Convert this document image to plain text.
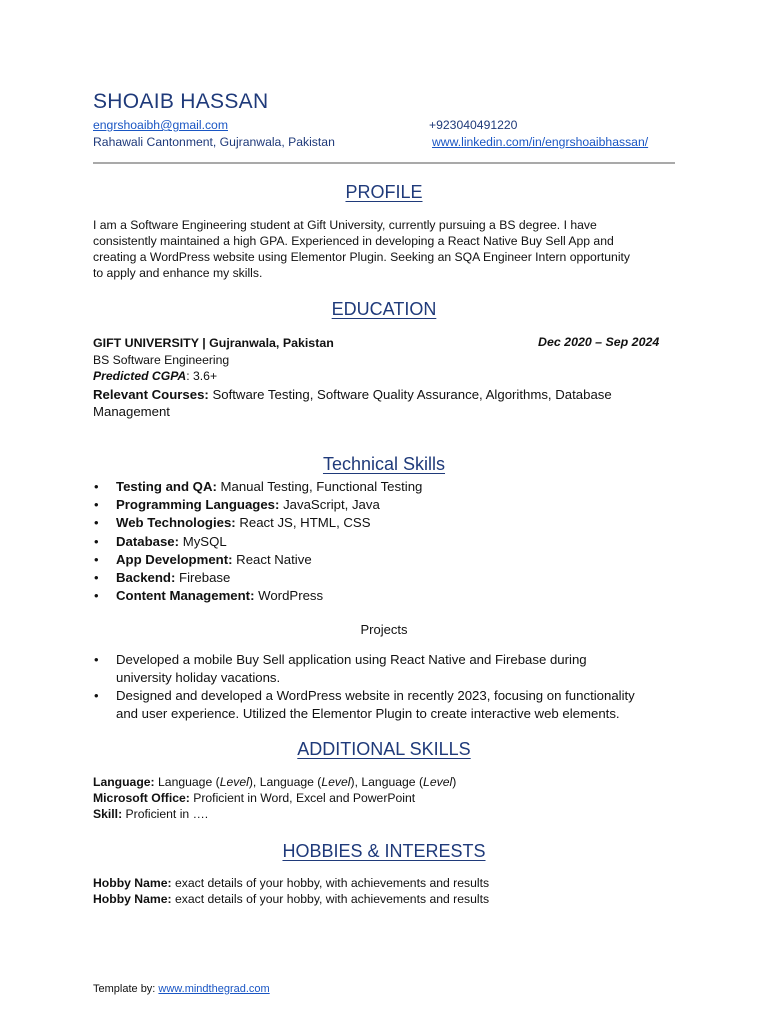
SHOAIB HASSAN
engrshoaibh@gmail.com	+923040491220
Rahawali Cantonment, Gujranwala, Pakistan	www.linkedin.com/in/engrshoaibhassan/
PROFILE
I am a Software Engineering student at Gift University, currently pursuing a BS degree. I have
consistently maintained a high GPA. Experienced in developing a React Native Buy Sell App and
creating a WordPress website using Elementor Plugin. Seeking an SQA Engineer Intern opportunity
to apply and enhance my skills.
EDUCATION
GIFT UNIVERSITY | Gujranwala, Pakistan	Dec 2020 – Sep 2024
BS Software Engineering
Predicted CGPA: 3.6+
Relevant Courses: Software Testing, Software Quality Assurance, Algorithms, Database
Management
Technical Skills
• Testing and QA: Manual Testing, Functional Testing
• Programming Languages: JavaScript, Java
• Web Technologies: React JS, HTML, CSS
• Database: MySQL
• App Development: React Native
• Backend: Firebase
• Content Management: WordPress
Projects
• Developed a mobile Buy Sell application using React Native and Firebase during
university holiday vacations.
• Designed and developed a WordPress website in recently 2023, focusing on functionality
and user experience. Utilized the Elementor Plugin to create interactive web elements.
ADDITIONAL SKILLS
Language: Language (Level), Language (Level), Language (Level)
Microsoft Office: Proficient in Word, Excel and PowerPoint
Skill: Proficient in ….
HOBBIES & INTERESTS
Hobby Name: exact details of your hobby, with achievements and results
Hobby Name: exact details of your hobby, with achievements and results
Template by: www.mindthegrad.com
